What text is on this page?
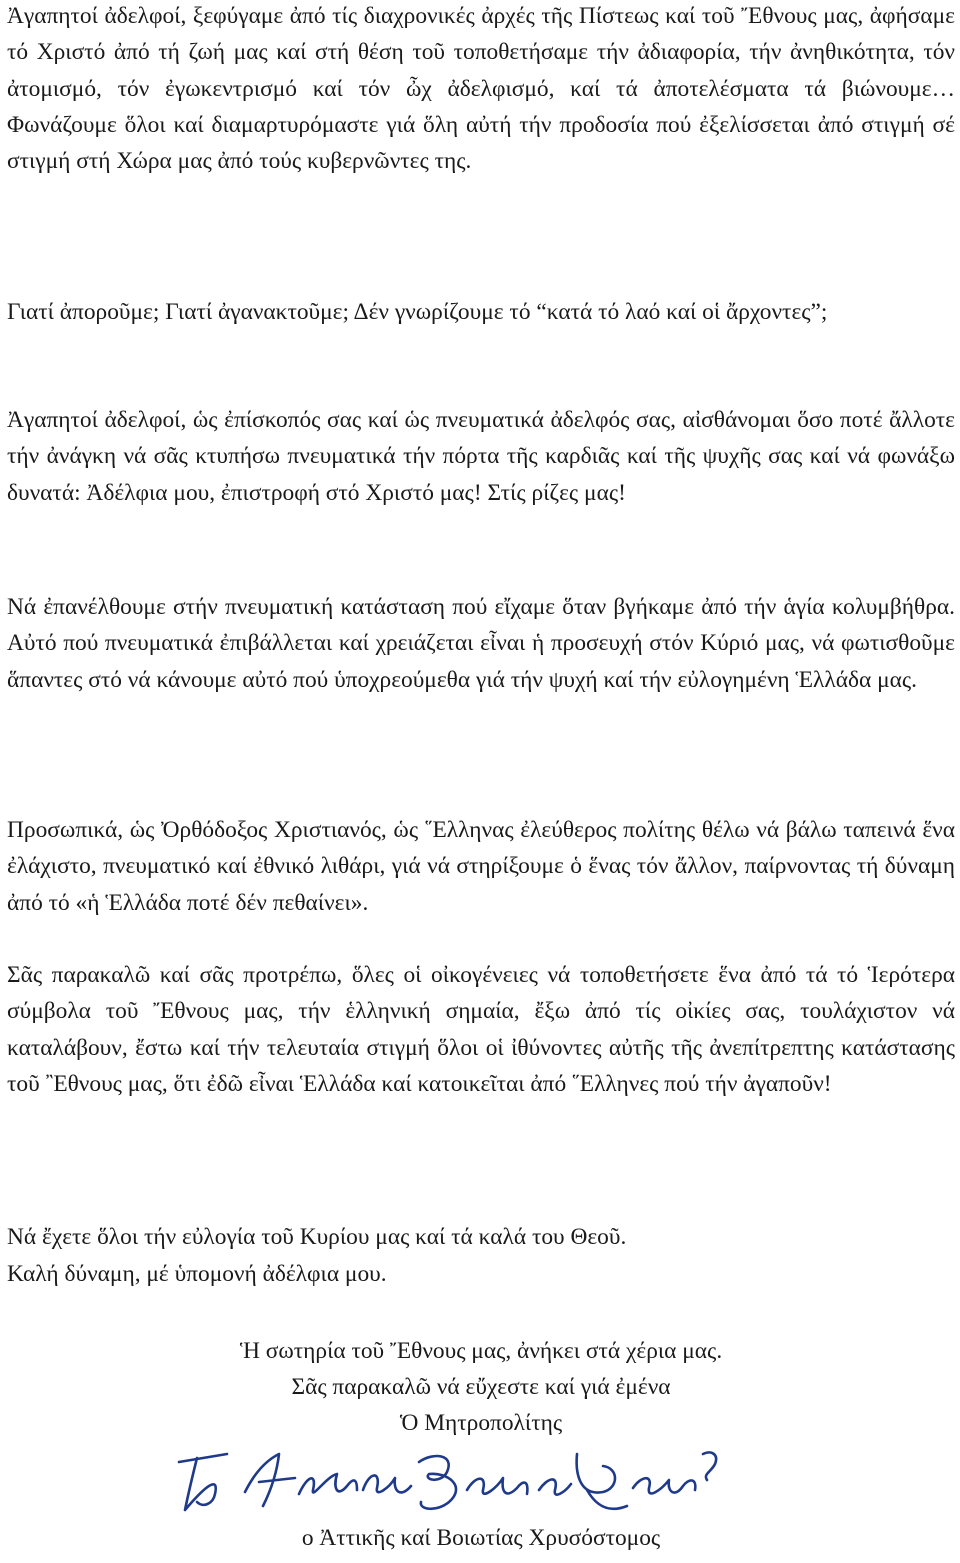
Ἀγαπητοί ἀδελφοί, ξεφύγαμε ἀπό τίς διαχρονικές ἀρχές τῆς Πίστεως καί τοῦ Ἔθνους μας, ἀφήσαμε τό Χριστό ἀπό τή ζωή μας καί στή θέση τοῦ τοποθετήσαμε τήν ἀδιαφορία, τήν ἀνηθικότητα, τόν ἀτομισμό, τόν ἐγωκεντρισμό καί τόν ὦχ ἀδελφισμό, καί τά ἀποτελέσματα τά βιώνουμε… Φωνάζουμε ὅλοι καί διαμαρτυρόμαστε γιά ὅλη αὐτή τήν προδοσία πού ἐξελίσσεται ἀπό στιγμή σέ στιγμή στή Χώρα μας ἀπό τούς κυβερνῶντες της.

Γιατί ἀποροῦμε; Γιατί ἀγανακτοῦμε; Δέν γνωρίζουμε τό “κατά τό λαό καί οἱ ἄρχοντες”;

Ἀγαπητοί ἀδελφοί, ὡς ἐπίσκοπός σας καί ὡς πνευματικά ἀδελφός σας, αἰσθάνομαι ὅσο ποτέ ἄλλοτε τήν ἀνάγκη νά σᾶς κτυπήσω πνευματικά τήν πόρτα τῆς καρδιᾶς καί τῆς ψυχῆς σας καί νά φωνάξω δυνατά: Ἀδέλφια μου, ἐπιστροφή στό Χριστό μας! Στίς ρίζες μας!

Νά ἐπανέλθουμε στήν πνευματική κατάσταση πού εἴχαμε ὅταν βγήκαμε ἀπό τήν ἁγία κολυμβήθρα. Αὐτό πού πνευματικά ἐπιβάλλεται καί χρειάζεται εἶναι ἡ προσευχή στόν Κύριό μας, νά φωτισθοῦμε ἅπαντες στό νά κάνουμε αὐτό πού ὑποχρεούμεθα γιά τήν ψυχή καί τήν εὐλογημένη Ἑλλάδα μας.

Προσωπικά, ὡς Ὀρθόδοξος Χριστιανός, ὡς ῞Ελληνας ἐλεύθερος πολίτης θέλω νά βάλω ταπεινά ἕνα ἐλάχιστο, πνευματικό καί ἐθνικό λιθάρι, γιά νά στηρίξουμε ὁ ἕνας τόν ἄλλον, παίρνοντας τή δύναμη ἀπό τό «ἡ Ἑλλάδα ποτέ δέν πεθαίνει».

Σᾶς παρακαλῶ καί σᾶς προτρέπω, ὅλες οἱ οἰκογένειες νά τοποθετήσετε ἕνα ἀπό τά τό Ἱερότερα σύμβολα τοῦ Ἔθνους μας, τήν ἑλληνική σημαία, ἔξω ἀπό τίς οἰκίες σας, τουλάχιστον νά καταλάβουν, ἔστω καί τήν τελευταία στιγμή ὅλοι οἱ ἰθύνοντες αὐτῆς τῆς ἀνεπίτρεπτης κατάστασης τοῦ ῍Εθνους μας, ὅτι ἐδῶ εἶναι Ἑλλάδα καί κατοικεῖται ἀπό ῞Ελληνες πού τήν ἀγαποῦν!

Νά ἔχετε ὅλοι τήν εὐλογία τοῦ Κυρίου μας καί τά καλά του Θεοῦ.

Καλή δύναμη, μέ ὑπομονή ἀδέλφια μου.

Ἡ σωτηρία τοῦ Ἔθνους μας, ἀνήκει στά χέρια μας.

Σᾶς παρακαλῶ νά εὔχεστε καί γιά ἐμένα

Ὁ Μητροπολίτης

Ὁ Ἀττικῆς καί Βοιωτίας Χρυσόστομος

ο Ἀττικῆς καί Βοιωτίας Χρυσόστομος
